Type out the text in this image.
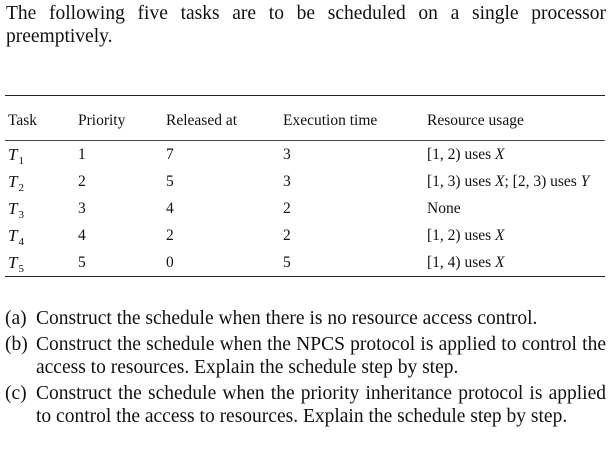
The following five tasks are to be scheduled on a single processor preemptively.
Task	Priority	Released at	Execution time	Resource usage
$T_1$	1	7	3	[1, 2) uses X
$T_2$	2	5	3	[1, 3) uses X; [2, 3) uses Y
$T_3$	3	4	2	None
$T_4$	4	2	2	[1, 2) uses X
$T_5$	5	0	5	[1, 4) uses X
(a) Construct the schedule when there is no resource access control.
(b) Construct the schedule when the NPCS protocol is applied to control the access to resources. Explain the schedule step by step.
(c) Construct the schedule when the priority inheritance protocol is applied to control the access to resources. Explain the schedule step by step.
